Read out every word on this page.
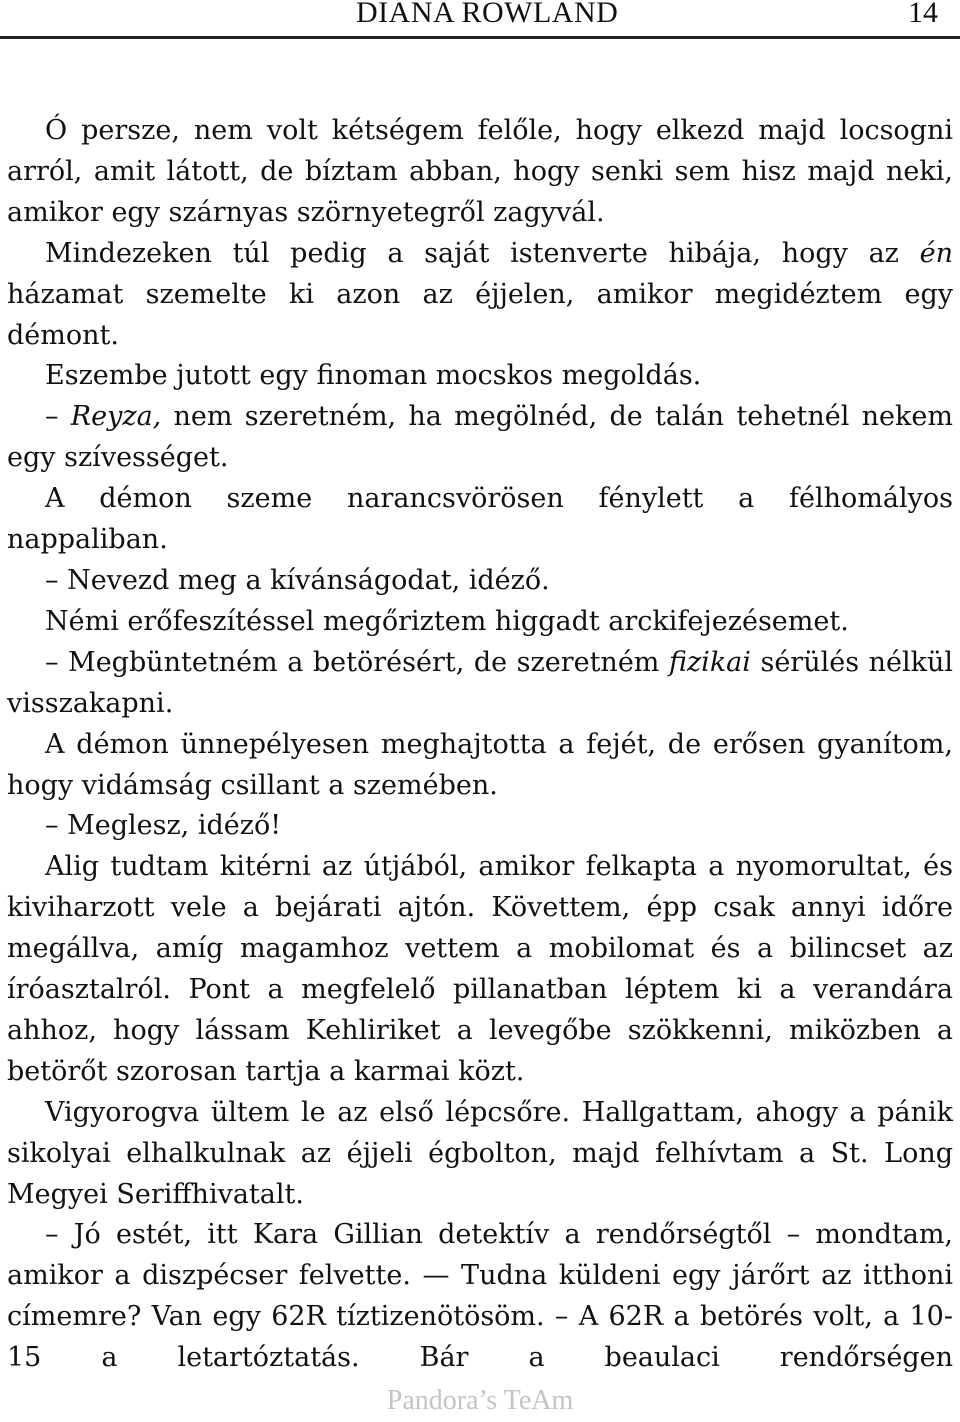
DIANA ROWLAND	14

Ó persze, nem volt kétségem felőle, hogy elkezd majd locsogni arról, amit látott, de bíztam abban, hogy senki sem hisz majd neki, amikor egy szárnyas szörnyetegről zagyvál.

Mindezeken túl pedig a saját istenverte hibája, hogy az én házamat szemelte ki azon az éjjelen, amikor megidéztem egy démont.

Eszembe jutott egy finoman mocskos megoldás.

– Reyza, nem szeretném, ha megölnéd, de talán tehetnél nekem egy szívességet.

A démon szeme narancsvörösen fénylett a félhomályos nappaliban.

– Nevezd meg a kívánságodat, idéző.

Némi erőfeszítéssel megőriztem higgadt arckifejezésemet.

– Megbüntetném a betörésért, de szeretném fizikai sérülés nélkül visszakapni.

A démon ünnepélyesen meghajtotta a fejét, de erősen gyanítom, hogy vidámság csillant a szemében.

– Meglesz, idéző!

Alig tudtam kitérni az útjából, amikor felkapta a nyomorultat, és kiviharzott vele a bejárati ajtón. Követtem, épp csak annyi időre megállva, amíg magamhoz vettem a mobilomat és a bilincset az íróasztalról. Pont a megfelelő pillanatban léptem ki a verandára ahhoz, hogy lássam Kehliriket a levegőbe szökkenni, miközben a betörőt szorosan tartja a karmai közt.

Vigyorogva ültem le az első lépcsőre. Hallgattam, ahogy a pánik sikolyai elhalkulnak az éjjeli égbolton, majd felhívtam a St. Long Megyei Seriffhivatalt.

– Jó estét, itt Kara Gillian detektív a rendőrségtől – mondtam, amikor a diszpécser felvette. — Tudna küldeni egy járőrt az itthoni címemre? Van egy 62R tíztizenötösöm. – A 62R a betörés volt, a 10-15 a letartóztatás. Bár a beaulaci rendőrségen

Pandora’s TeAm
